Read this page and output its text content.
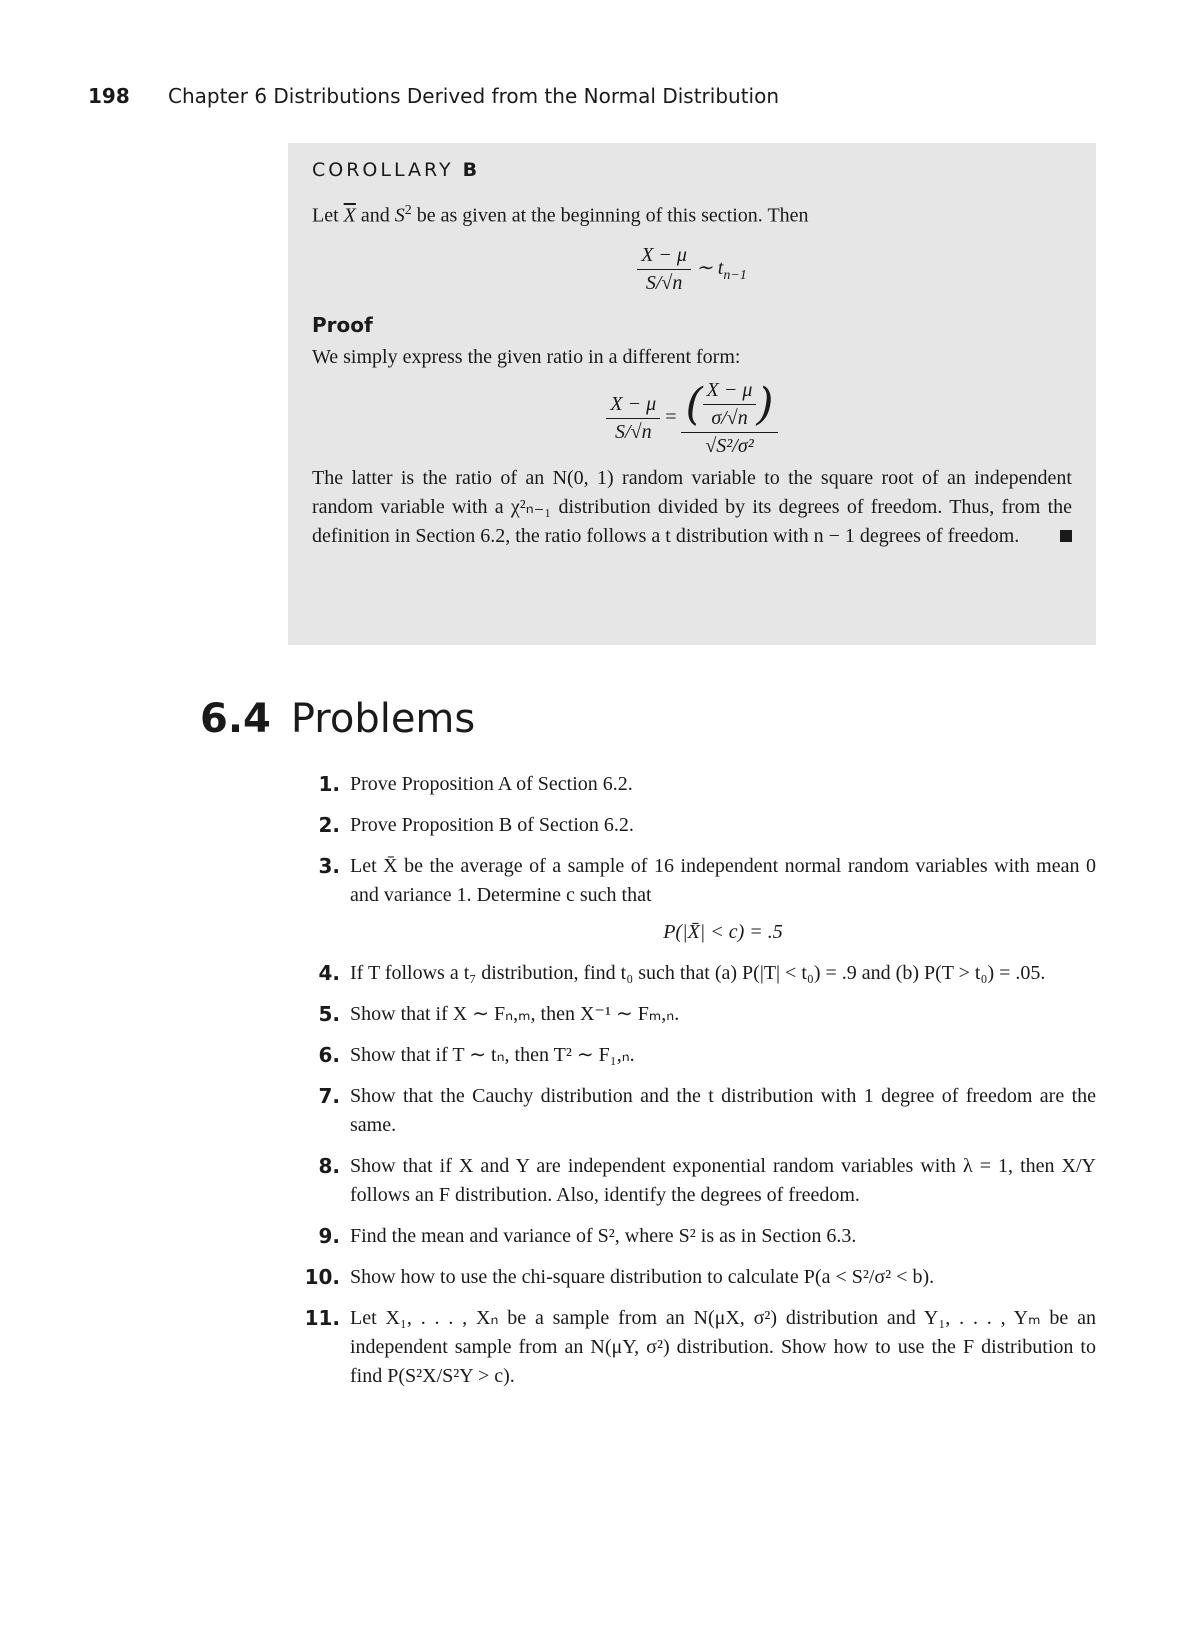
198 Chapter 6 Distributions Derived from the Normal Distribution
COROLLARY B
Let $\overline{X}$ and $S^2$ be as given at the beginning of this section. Then
$\frac{X - \mu}{S/√n}$ ∼ $t_{n-1}$
Proof
We simply express the given ratio in a different form:
$\frac{X - \mu}{S/√n} = \frac{( \frac{X - \mu}{\sigma/√n} )}{\text{√S²/σ²}}$
The latter is the ratio of an N(0, 1) random variable to the square root of an independent random variable with a χ²ₙ₋₁ distribution divided by its degrees of freedom. Thus, from the definition in Section 6.2, the ratio follows a t distribution with n − 1 degrees of freedom.
6.4 Problems
1. Prove Proposition A of Section 6.2.
2. Prove Proposition B of Section 6.2.
3. Let X̄ be the average of a sample of 16 independent normal random variables with mean 0 and variance 1. Determine c such that
P(|X̄| < c) = .5
4. If T follows a t₇ distribution, find t₀ such that (a) P(|T| < t₀) = .9 and (b) P(T > t₀) = .05.
5. Show that if X ∼ Fₙ,ₘ, then X⁻¹ ∼ Fₘ,ₙ.
6. Show that if T ∼ tₙ, then T² ∼ F₁,ₙ.
7. Show that the Cauchy distribution and the t distribution with 1 degree of freedom are the same.
8. Show that if X and Y are independent exponential random variables with λ = 1, then X/Y follows an F distribution. Also, identify the degrees of freedom.
9. Find the mean and variance of S², where S² is as in Section 6.3.
10. Show how to use the chi-square distribution to calculate P(a < S²/σ² < b).
11. Let X₁, . . . , Xₙ be a sample from an N(μX, σ²) distribution and Y₁, . . . , Yₘ be an independent sample from an N(μY, σ²) distribution. Show how to use the F distribution to find P(S²X/S²Y > c).
